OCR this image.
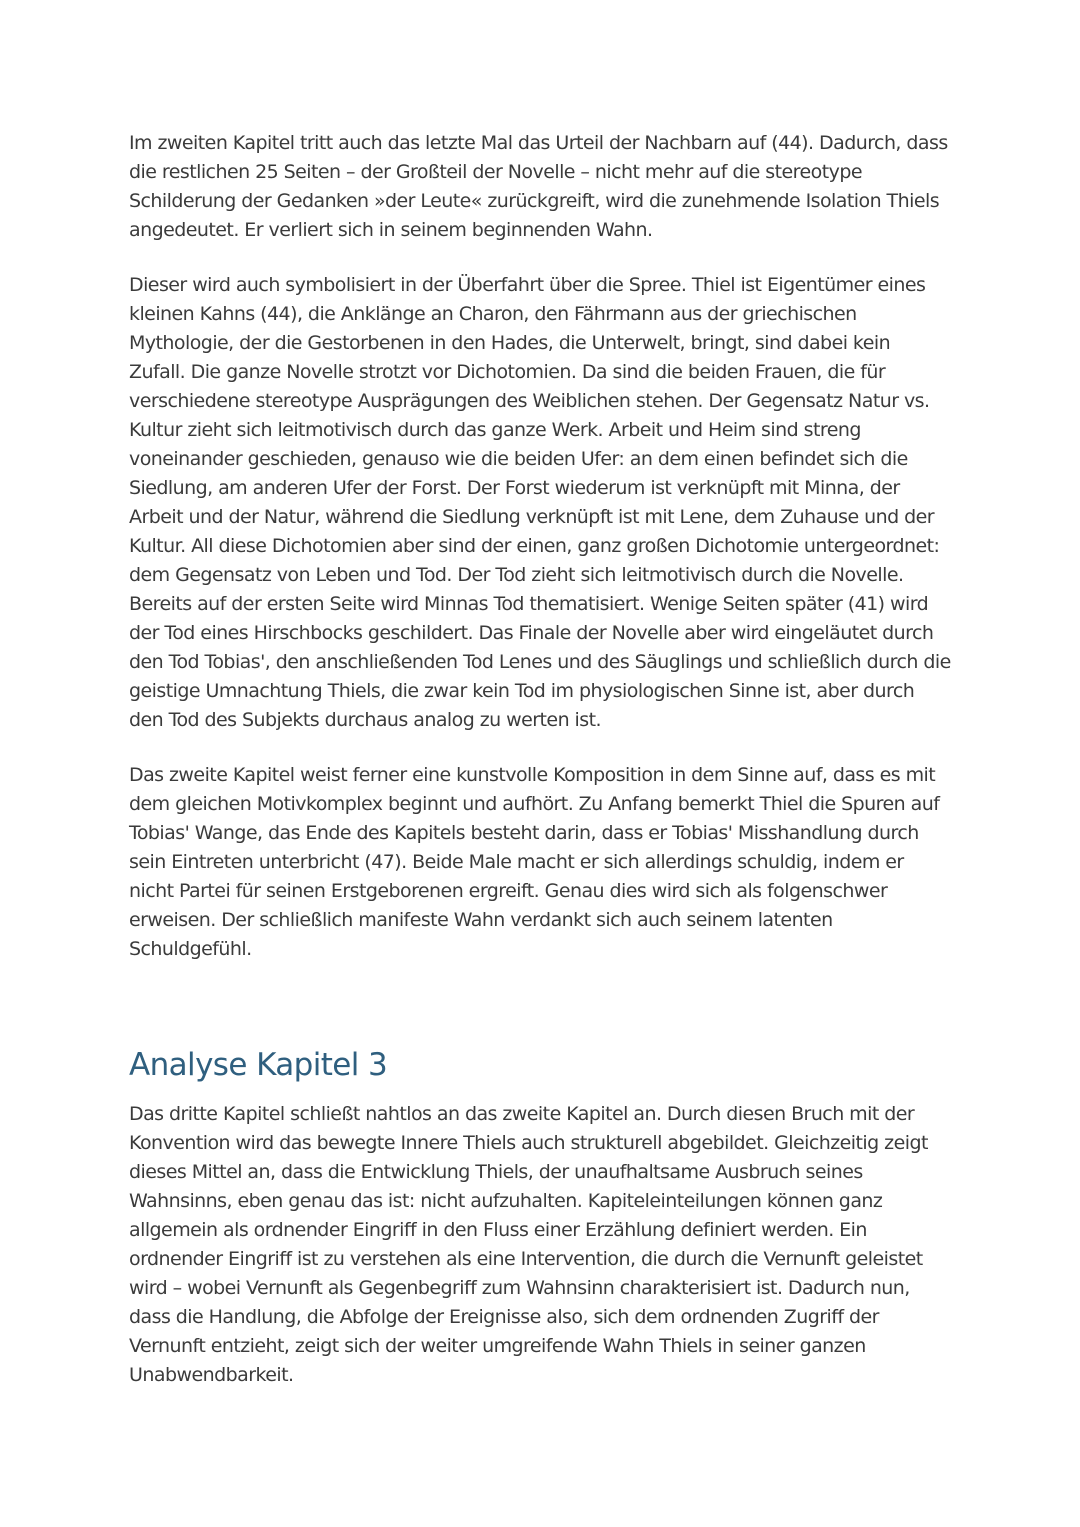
Im zweiten Kapitel tritt auch das letzte Mal das Urteil der Nachbarn auf (44). Dadurch, dass die restlichen 25 Seiten – der Großteil der Novelle – nicht mehr auf die stereotype Schilderung der Gedanken »der Leute« zurückgreift, wird die zunehmende Isolation Thiels angedeutet. Er verliert sich in seinem beginnenden Wahn.

Dieser wird auch symbolisiert in der Überfahrt über die Spree. Thiel ist Eigentümer eines kleinen Kahns (44), die Anklänge an Charon, den Fährmann aus der griechischen Mythologie, der die Gestorbenen in den Hades, die Unterwelt, bringt, sind dabei kein Zufall. Die ganze Novelle strotzt vor Dichotomien. Da sind die beiden Frauen, die für verschiedene stereotype Ausprägungen des Weiblichen stehen. Der Gegensatz Natur vs. Kultur zieht sich leitmotivisch durch das ganze Werk. Arbeit und Heim sind streng voneinander geschieden, genauso wie die beiden Ufer: an dem einen befindet sich die Siedlung, am anderen Ufer der Forst. Der Forst wiederum ist verknüpft mit Minna, der Arbeit und der Natur, während die Siedlung verknüpft ist mit Lene, dem Zuhause und der Kultur. All diese Dichotomien aber sind der einen, ganz großen Dichotomie untergeordnet: dem Gegensatz von Leben und Tod. Der Tod zieht sich leitmotivisch durch die Novelle. Bereits auf der ersten Seite wird Minnas Tod thematisiert. Wenige Seiten später (41) wird der Tod eines Hirschbocks geschildert. Das Finale der Novelle aber wird eingeläutet durch den Tod Tobias', den anschließenden Tod Lenes und des Säuglings und schließlich durch die geistige Umnachtung Thiels, die zwar kein Tod im physiologischen Sinne ist, aber durch den Tod des Subjekts durchaus analog zu werten ist.

Das zweite Kapitel weist ferner eine kunstvolle Komposition in dem Sinne auf, dass es mit dem gleichen Motivkomplex beginnt und aufhört. Zu Anfang bemerkt Thiel die Spuren auf Tobias' Wange, das Ende des Kapitels besteht darin, dass er Tobias' Misshandlung durch sein Eintreten unterbricht (47). Beide Male macht er sich allerdings schuldig, indem er nicht Partei für seinen Erstgeborenen ergreift. Genau dies wird sich als folgenschwer erweisen. Der schließlich manifeste Wahn verdankt sich auch seinem latenten Schuldgefühl.

Analyse Kapitel 3

Das dritte Kapitel schließt nahtlos an das zweite Kapitel an. Durch diesen Bruch mit der Konvention wird das bewegte Innere Thiels auch strukturell abgebildet. Gleichzeitig zeigt dieses Mittel an, dass die Entwicklung Thiels, der unaufhaltsame Ausbruch seines Wahnsinns, eben genau das ist: nicht aufzuhalten. Kapiteleinteilungen können ganz allgemein als ordnender Eingriff in den Fluss einer Erzählung definiert werden. Ein ordnender Eingriff ist zu verstehen als eine Intervention, die durch die Vernunft geleistet wird – wobei Vernunft als Gegenbegriff zum Wahnsinn charakterisiert ist. Dadurch nun, dass die Handlung, die Abfolge der Ereignisse also, sich dem ordnenden Zugriff der Vernunft entzieht, zeigt sich der weiter umgreifende Wahn Thiels in seiner ganzen Unabwendbarkeit.
